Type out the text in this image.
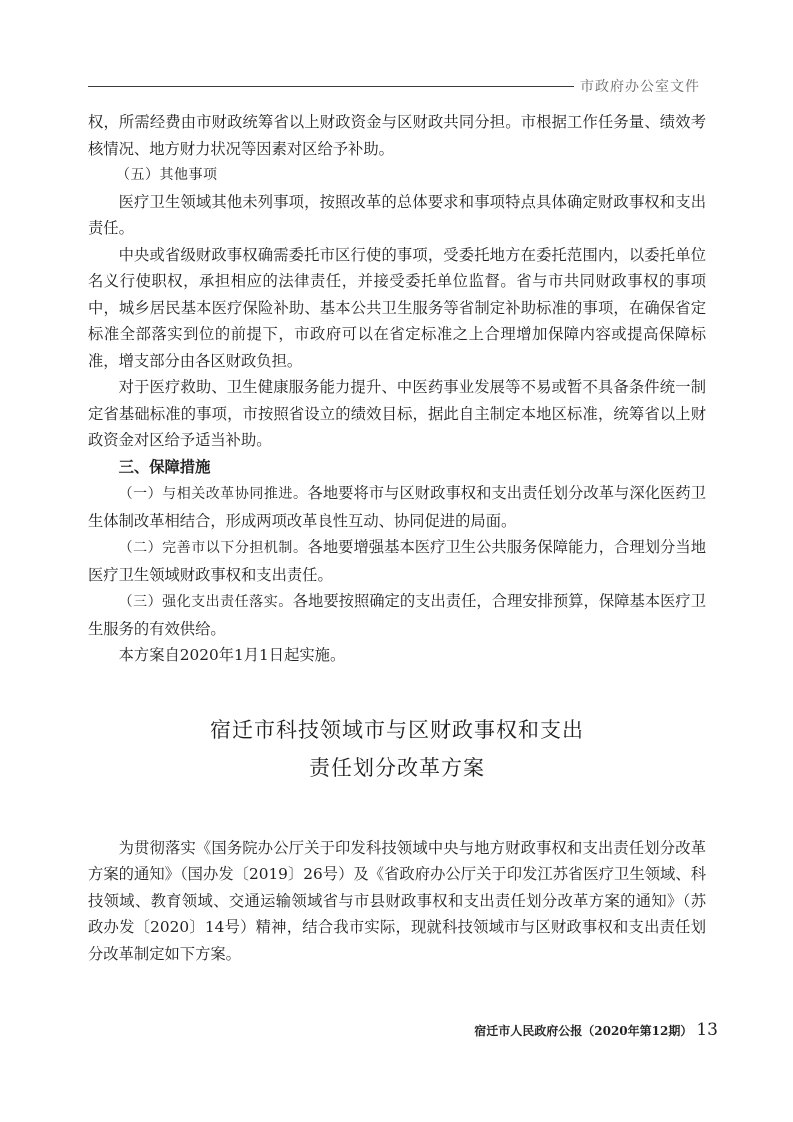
市政府办公室文件

权，所需经费由市财政统筹省以上财政资金与区财政共同分担。市根据工作任务量、绩效考核情况、地方财力状况等因素对区给予补助。

（五）其他事项

医疗卫生领域其他未列事项，按照改革的总体要求和事项特点具体确定财政事权和支出责任。

中央或省级财政事权确需委托市区行使的事项，受委托地方在委托范围内，以委托单位名义行使职权，承担相应的法律责任，并接受委托单位监督。省与市共同财政事权的事项中，城乡居民基本医疗保险补助、基本公共卫生服务等省制定补助标准的事项，在确保省定标准全部落实到位的前提下，市政府可以在省定标准之上合理增加保障内容或提高保障标准，增支部分由各区财政负担。

对于医疗救助、卫生健康服务能力提升、中医药事业发展等不易或暂不具备条件统一制定省基础标准的事项，市按照省设立的绩效目标，据此自主制定本地区标准，统筹省以上财政资金对区给予适当补助。

三、保障措施

（一）与相关改革协同推进。各地要将市与区财政事权和支出责任划分改革与深化医药卫生体制改革相结合，形成两项改革良性互动、协同促进的局面。

（二）完善市以下分担机制。各地要增强基本医疗卫生公共服务保障能力，合理划分当地医疗卫生领域财政事权和支出责任。

（三）强化支出责任落实。各地要按照确定的支出责任，合理安排预算，保障基本医疗卫生服务的有效供给。

本方案自2020年1月1日起实施。

宿迁市科技领域市与区财政事权和支出
责任划分改革方案

为贯彻落实《国务院办公厅关于印发科技领域中央与地方财政事权和支出责任划分改革方案的通知》（国办发〔2019〕26号）及《省政府办公厅关于印发江苏省医疗卫生领域、科技领域、教育领域、交通运输领域省与市县财政事权和支出责任划分改革方案的通知》（苏政办发〔2020〕14号）精神，结合我市实际，现就科技领域市与区财政事权和支出责任划分改革制定如下方案。

宿迁市人民政府公报（2020年第12期） 13
